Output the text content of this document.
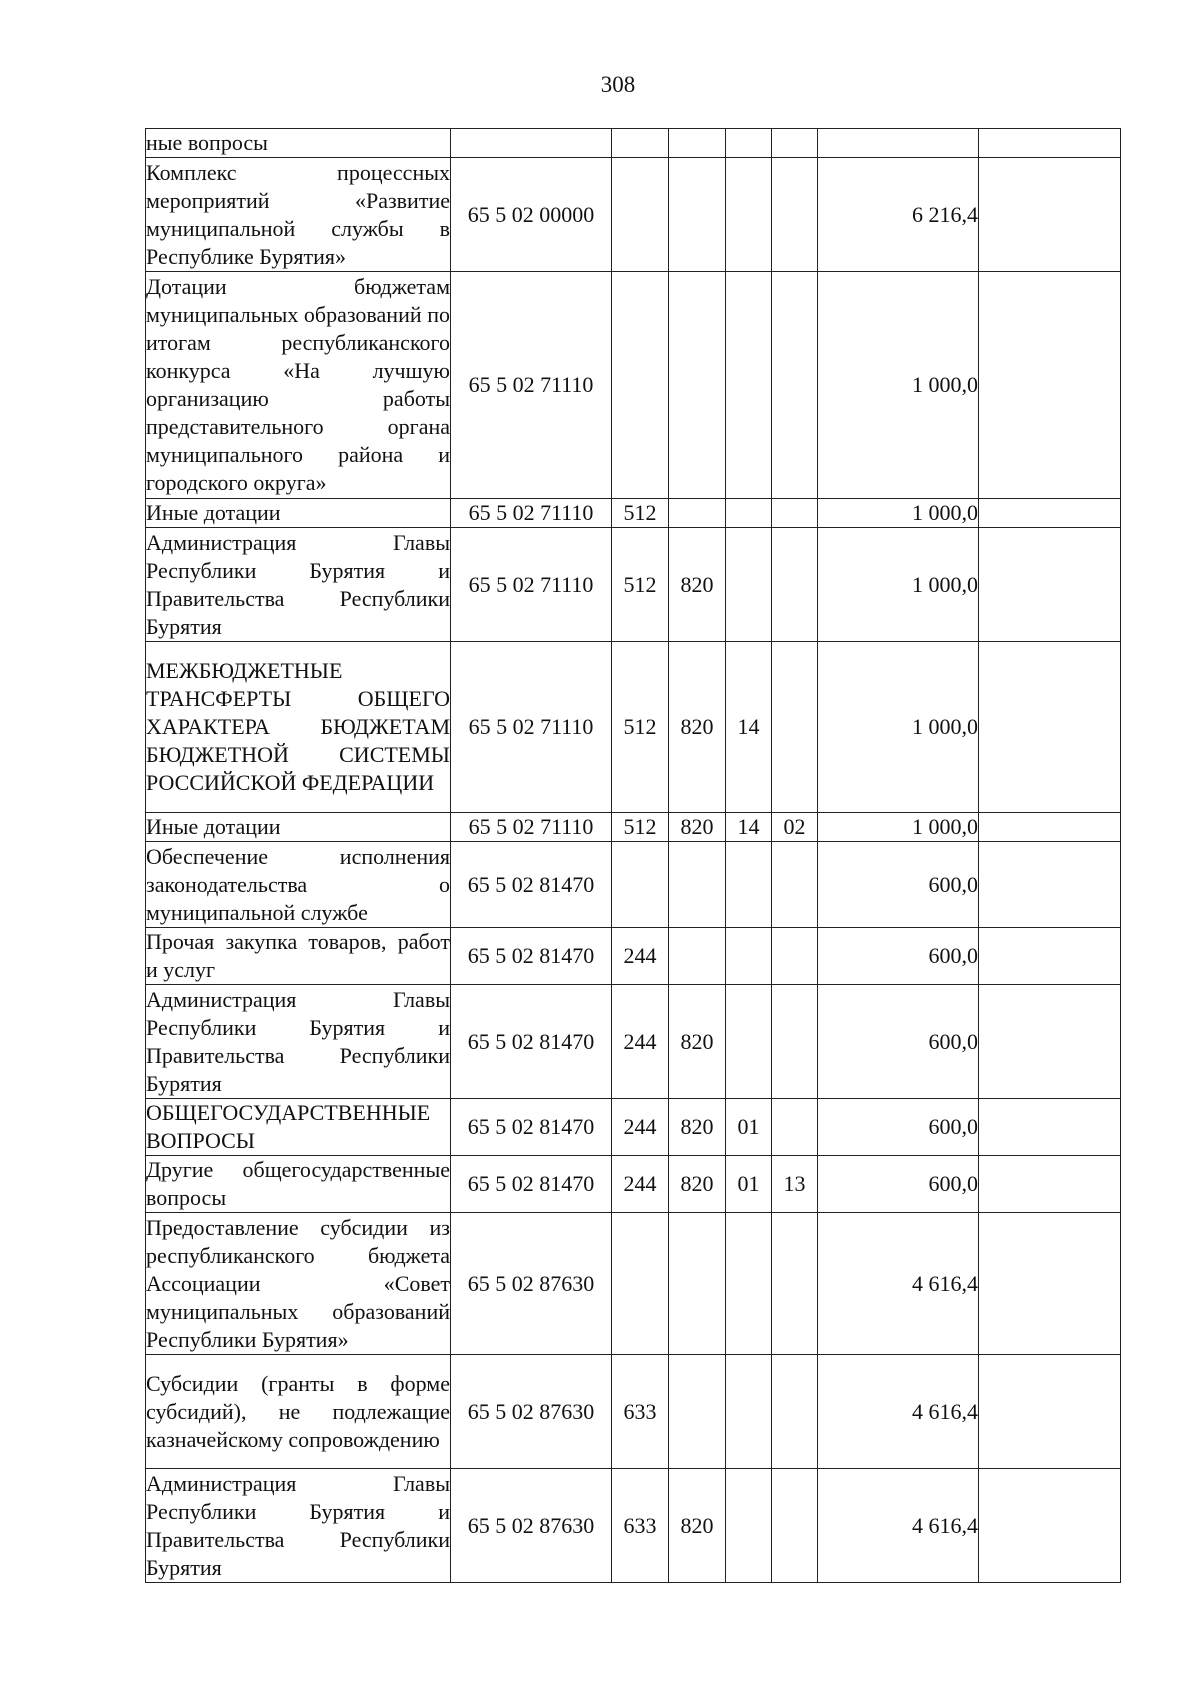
308
ные вопросы							
Комплекс процессных мероприятий «Развитие муниципальной службы в Республике Бурятия»	65 5 02 00000					6 216,4	
Дотации бюджетам муниципальных образований по итогам республиканского конкурса «На лучшую организацию работы представительного органа муниципального района и городского округа»	65 5 02 71110					1 000,0	
Иные дотации	65 5 02 71110	512				1 000,0	
Администрация Главы Республики Бурятия и Правительства Республики Бурятия	65 5 02 71110	512	820			1 000,0	
МЕЖБЮДЖЕТНЫЕ ТРАНСФЕРТЫ ОБЩЕГО ХАРАКТЕРА БЮДЖЕТАМ БЮДЖЕТНОЙ СИСТЕМЫ РОССИЙСКОЙ ФЕДЕРАЦИИ	65 5 02 71110	512	820	14		1 000,0	
Иные дотации	65 5 02 71110	512	820	14	02	1 000,0	
Обеспечение исполнения законодательства о муниципальной службе	65 5 02 81470					600,0	
Прочая закупка товаров, работ и услуг	65 5 02 81470	244				600,0	
Администрация Главы Республики Бурятия и Правительства Республики Бурятия	65 5 02 81470	244	820			600,0	
ОБЩЕГОСУДАРСТВЕННЫЕ ВОПРОСЫ	65 5 02 81470	244	820	01		600,0	
Другие общегосударственные вопросы	65 5 02 81470	244	820	01	13	600,0	
Предоставление субсидии из республиканского бюджета Ассоциации «Совет муниципальных образований Республики Бурятия»	65 5 02 87630					4 616,4	
Субсидии (гранты в форме субсидий), не подлежащие казначейскому сопровождению	65 5 02 87630	633				4 616,4	
Администрация Главы Республики Бурятия и Правительства Республики Бурятия	65 5 02 87630	633	820			4 616,4	
